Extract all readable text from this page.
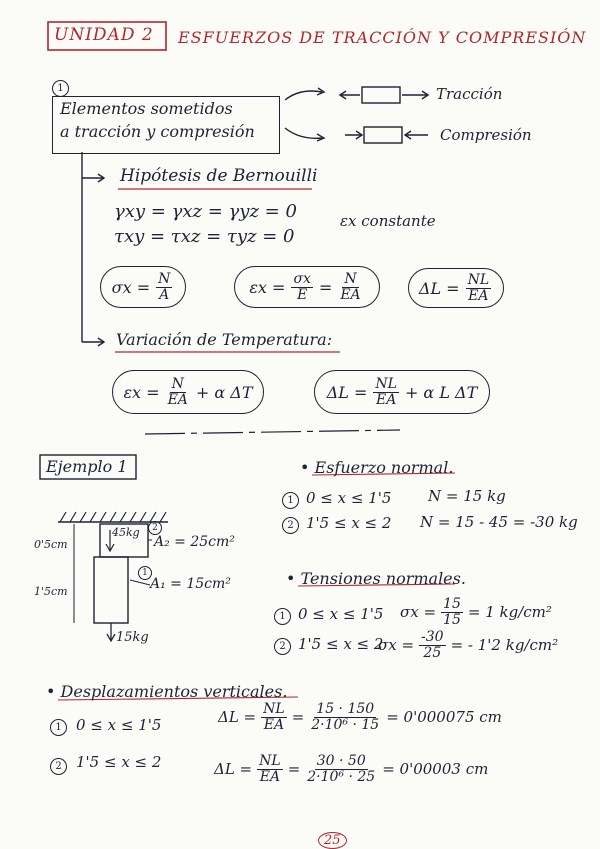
UNIDAD 2 ESFUERZOS DE TRACCIÓN Y COMPRESIÓN
1
Elementos sometidos
a tracción y compresión
Tracción
Compresión
Hipótesis de Bernouilli
γxy = γxz = γyz = 0
τxy = τxz = τyz = 0
εx constante
$\sigma x = \frac{N}{A}$	$\varepsilon x = \frac{\sigma x}{E} = \frac{N}{EA}$	$\Delta L = \frac{NL}{EA}$
Variación de Temperatura:
$\varepsilon x = \frac{N}{EA} + \alpha$ ΔT	$\Delta L = \frac{NL}{EA} + \alpha$ L ΔT
Ejemplo 1
45kg	2
A₂ = 25cm²
0'5cm
1'5cm
1
A₁ = 15cm²
15kg
• Esfuerzo normal.
1 0 ≤ x ≤ 1'5 N = 15 kg
2 1'5 ≤ x ≤ 2 N = 15 - 45 = -30 kg
• Tensiones normales.
1 0 ≤ x ≤ 1'5 $\sigma x = \frac{15}{15} = 1$ kg/cm²
2 1'5 ≤ x ≤ 2
$\sigma x = \frac{-30}{25}$ = - 1'2 kg/cm²
• Desplazamientos verticales.
1 0 ≤ x ≤ 1'5	$\Delta L = \frac{NL}{EA} = \frac{15 \cdot 150}{\text{2·10⁶ · 15}} = 0'000075$ cm
2 1'5 ≤ x ≤ 2	$\Delta L = \frac{NL}{EA} = \frac{30 \cdot 50}{\text{2·10⁶ · 25}} = 0'00003$ cm
25
